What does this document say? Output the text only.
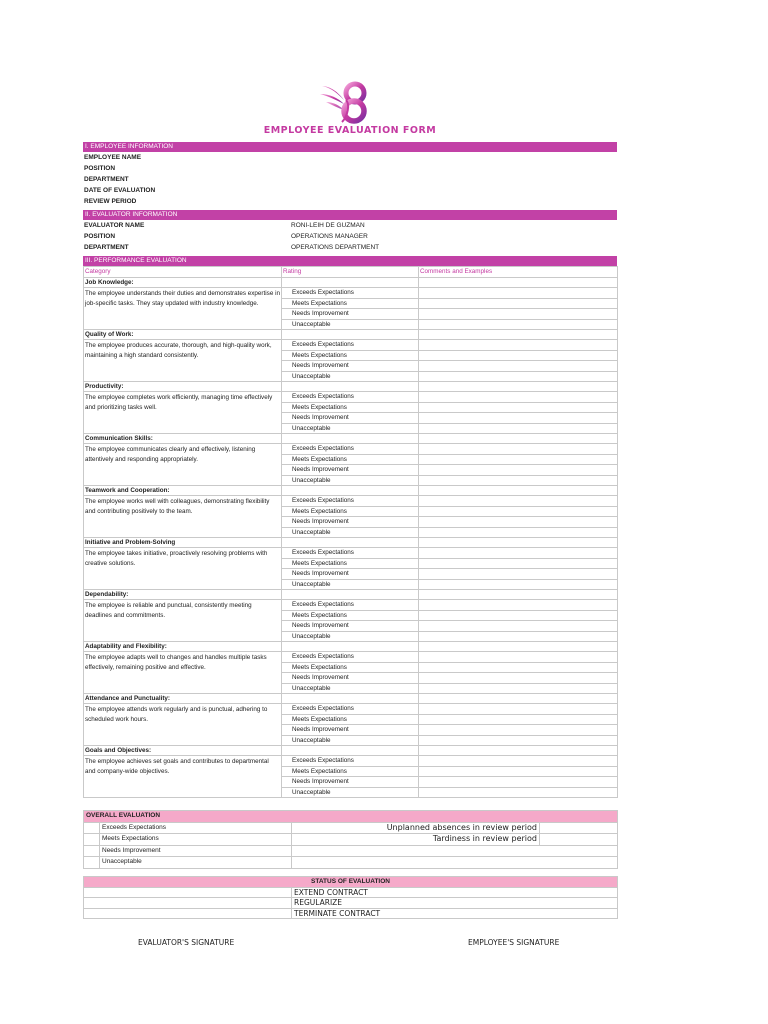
EMPLOYEE EVALUATION FORM
I. EMPLOYEE INFORMATION
EMPLOYEE NAME
POSITION
DEPARTMENT
DATE OF EVALUATION
REVIEW PERIOD
II. EVALUATOR INFORMATION
EVALUATOR NAME	RONI-LEIH DE GUZMAN
POSITION	OPERATIONS MANAGER
DEPARTMENT	OPERATIONS DEPARTMENT
III. PERFORMANCE EVALUATION
Category	Rating	Comments and Examples
Job Knowledge:		
The employee understands their duties and demonstrates expertise in job-specific tasks. They stay updated with industry knowledge.	Exceeds Expectations	
	Meets Expectations	
	Needs Improvement	
	Unacceptable	
Quality of Work:		
The employee produces accurate, thorough, and high-quality work, maintaining a high standard consistently.	Exceeds Expectations	
	Meets Expectations	
	Needs Improvement	
	Unacceptable	
Productivity:		
The employee completes work efficiently, managing time effectively and prioritizing tasks well.	Exceeds Expectations	
	Meets Expectations	
	Needs Improvement	
	Unacceptable	
Communication Skills:		
The employee communicates clearly and effectively, listening attentively and responding appropriately.	Exceeds Expectations	
	Meets Expectations	
	Needs Improvement	
	Unacceptable	
Teamwork and Cooperation:		
The employee works well with colleagues, demonstrating flexibility and contributing positively to the team.	Exceeds Expectations	
	Meets Expectations	
	Needs Improvement	
	Unacceptable	
Initiative and Problem-Solving		
The employee takes initiative, proactively resolving problems with creative solutions.	Exceeds Expectations	
	Meets Expectations	
	Needs Improvement	
	Unacceptable	
Dependability:		
The employee is reliable and punctual, consistently meeting deadlines and commitments.	Exceeds Expectations	
	Meets Expectations	
	Needs Improvement	
	Unacceptable	
Adaptability and Flexibility:		
The employee adapts well to changes and handles multiple tasks effectively, remaining positive and effective.	Exceeds Expectations	
	Meets Expectations	
	Needs Improvement	
	Unacceptable	
Attendance and Punctuality:		
The employee attends work regularly and is punctual, adhering to scheduled work hours.	Exceeds Expectations	
	Meets Expectations	
	Needs Improvement	
	Unacceptable	
Goals and Objectives:		
The employee achieves set goals and contributes to departmental and company-wide objectives.	Exceeds Expectations	
	Meets Expectations	
	Needs Improvement	
	Unacceptable	
OVERALL EVALUATION			
	Exceeds Expectations	Unplanned absences in review period	
	Meets Expectations	Tardiness in review period	
	Needs Improvement		
	Unacceptable		
STATUS OF EVALUATION	
	EXTEND CONTRACT
	REGULARIZE
	TERMINATE CONTRACT
EVALUATOR'S SIGNATURE	EMPLOYEE'S SIGNATURE
